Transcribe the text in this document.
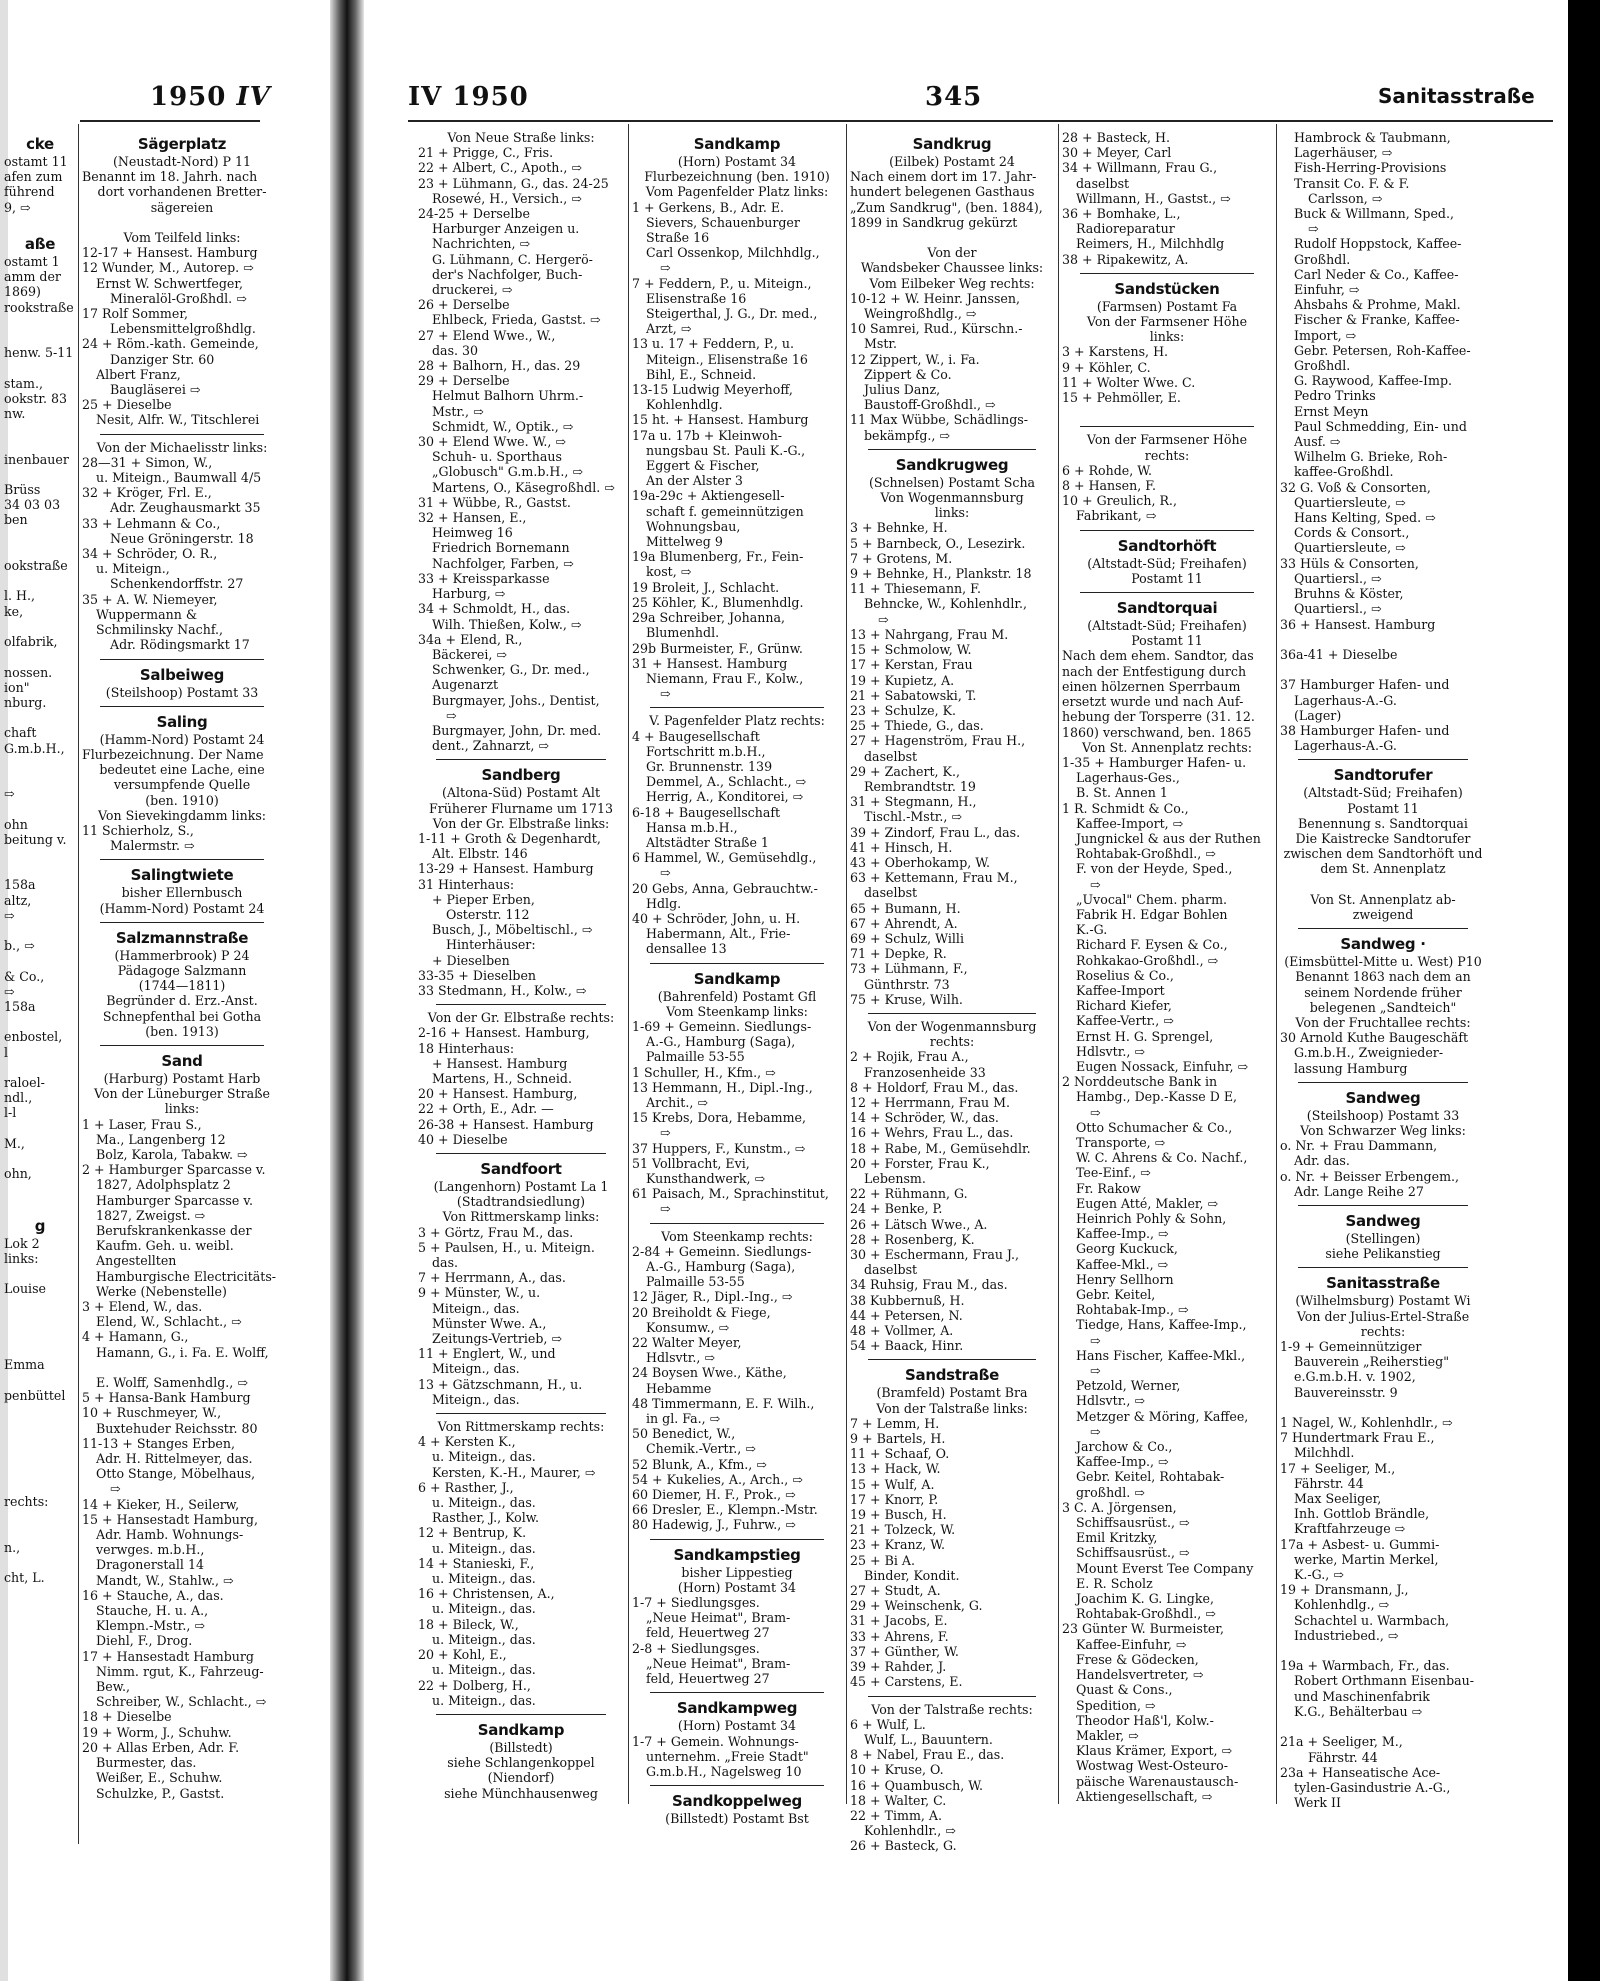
1950 IV	IV 1950	345	Sanitasstraße
cke
ostamt 11
afen zum
führend
9, ⇨

aße
ostamt 1
amm der
1869)
rookstraße

henw. 5-11

stam.,
ookstr. 83
nw.

inenbauer

Brüss
34 03 03
ben

ookstraße

l. H.,
ke,

olfabrik,

nossen.
ion"
nburg.

chaft
G.m.b.H.,

⇨

ohn
beitung v.

158a
altz,
⇨

b., ⇨

& Co.,
⇨
158a

enbostel,
l

raloel-
ndl.,
l-l

M.,

ohn,

g
Lok 2
links:

Louise

Emma

penbüttel

rechts:

n.,

cht, L.
Sägerplatz
(Neustadt-Nord) P 11
Benannt im 18. Jahrh. nach
dort vorhandenen Bretter-
sägereien

Vom Teilfeld links:
12-17 + Hansest. Hamburg
12 Wunder, M., Autorep. ⇨
Ernst W. Schwertfeger,
Mineralöl-Großhdl. ⇨
17 Rolf Sommer,
Lebensmittelgroßhdlg.
24 + Röm.-kath. Gemeinde,
Danziger Str. 60
Albert Franz,
Baugläserei ⇨
25 + Dieselbe
Nesit, Alfr. W., Titschlerei
Von der Michaelisstr links:
28—31 + Simon, W.,
u. Miteign., Baumwall 4/5
32 + Kröger, Frl. E.,
Adr. Zeughausmarkt 35
33 + Lehmann & Co.,
Neue Gröningerstr. 18
34 + Schröder, O. R.,
u. Miteign.,
Schenkendorffstr. 27
35 + A. W. Niemeyer,
Wuppermann &
Schmilinsky Nachf.,
Adr. Rödingsmarkt 17
Salbeiweg
(Steilshoop) Postamt 33
Saling
(Hamm-Nord) Postamt 24
Flurbezeichnung. Der Name
bedeutet eine Lache, eine
versumpfende Quelle
(ben. 1910)
Von Sievekingdamm links:
11 Schierholz, S.,
Malermstr. ⇨
Salingtwiete
bisher Ellernbusch
(Hamm-Nord) Postamt 24
Salzmannstraße
(Hammerbrook) P 24
Pädagoge Salzmann
(1744—1811)
Begründer d. Erz.-Anst.
Schnepfenthal bei Gotha
(ben. 1913)
Sand
(Harburg) Postamt Harb
Von der Lüneburger Straße
links:
1 + Laser, Frau S.,
Ma., Langenberg 12
Bolz, Karola, Tabakw. ⇨
2 + Hamburger Sparcasse v.
1827, Adolphsplatz 2
Hamburger Sparcasse v.
1827, Zweigst. ⇨
Berufskrankenkasse der
Kaufm. Geh. u. weibl.
Angestellten
Hamburgische Electricitäts-
Werke (Nebenstelle)
3 + Elend, W., das.
Elend, W., Schlacht., ⇨
4 + Hamann, G.,
Hamann, G., i. Fa. E. Wolff,

E. Wolff, Samenhdlg., ⇨
5 + Hansa-Bank Hamburg
10 + Ruschmeyer, W.,
Buxtehuder Reichsstr. 80
11-13 + Stanges Erben,
Adr. H. Rittelmeyer, das.
Otto Stange, Möbelhaus,
⇨
14 + Kieker, H., Seilerw,
15 + Hansestadt Hamburg,
Adr. Hamb. Wohnungs-
verwges. m.b.H.,
Dragonerstall 14
Mandt, W., Stahlw., ⇨
16 + Stauche, A., das.
Stauche, H. u. A.,
Klempn.-Mstr., ⇨
Diehl, F., Drog.
17 + Hansestadt Hamburg
Nimm. rgut, K., Fahrzeug-
Bew.,
Schreiber, W., Schlacht., ⇨
18 + Dieselbe
19 + Worm, J., Schuhw.
20 + Allas Erben, Adr. F.
Burmester, das.
Weißer, E., Schuhw.
Schulzke, P., Gastst.
Von Neue Straße links:
21 + Prigge, C., Fris.
22 + Albert, C., Apoth., ⇨
23 + Lühmann, G., das. 24-25
Rosewé, H., Versich., ⇨
24-25 + Derselbe
Harburger Anzeigen u.
Nachrichten, ⇨
G. Lühmann, C. Hergerö-
der's Nachfolger, Buch-
druckerei, ⇨
26 + Derselbe
Ehlbeck, Frieda, Gastst. ⇨
27 + Elend Wwe., W.,
das. 30
28 + Balhorn, H., das. 29
29 + Derselbe
Helmut Balhorn Uhrm.-
Mstr., ⇨
Schmidt, W., Optik., ⇨
30 + Elend Wwe. W., ⇨
Schuh- u. Sporthaus
„Globusch" G.m.b.H., ⇨
Martens, O., Käsegroßhdl. ⇨
31 + Wübbe, R., Gastst.
32 + Hansen, E.,
Heimweg 16
Friedrich Bornemann
Nachfolger, Farben, ⇨
33 + Kreissparkasse
Harburg, ⇨
34 + Schmoldt, H., das.
Wilh. Thießen, Kolw., ⇨
34a + Elend, R.,
Bäckerei, ⇨
Schwenker, G., Dr. med.,
Augenarzt
Burgmayer, Johs., Dentist,
⇨
Burgmayer, John, Dr. med.
dent., Zahnarzt, ⇨
Sandberg
(Altona-Süd) Postamt Alt
Früherer Flurname um 1713
Von der Gr. Elbstraße links:
1-11 + Groth & Degenhardt,
Alt. Elbstr. 146
13-29 + Hansest. Hamburg
31 Hinterhaus:
+ Pieper Erben,
Osterstr. 112
Busch, J., Möbeltischl., ⇨
Hinterhäuser:
+ Dieselben
33-35 + Dieselben
33 Stedmann, H., Kolw., ⇨
Von der Gr. Elbstraße rechts:
2-16 + Hansest. Hamburg,
18 Hinterhaus:
+ Hansest. Hamburg
Martens, H., Schneid.
20 + Hansest. Hamburg,
22 + Orth, E., Adr. —
26-38 + Hansest. Hamburg
40 + Dieselbe
Sandfoort
(Langenhorn) Postamt La 1
(Stadtrandsiedlung)
Von Rittmerskamp links:
3 + Görtz, Frau M., das.
5 + Paulsen, H., u. Miteign.
das.
7 + Herrmann, A., das.
9 + Münster, W., u.
Miteign., das.
Münster Wwe. A.,
Zeitungs-Vertrieb, ⇨
11 + Englert, W., und
Miteign., das.
13 + Gätzschmann, H., u.
Miteign., das.
Von Rittmerskamp rechts:
4 + Kersten K.,
u. Miteign., das.
Kersten, K.-H., Maurer, ⇨
6 + Rasther, J.,
u. Miteign., das.
Rasther, J., Kolw.
12 + Bentrup, K.
u. Miteign., das.
14 + Stanieski, F.,
u. Miteign., das.
16 + Christensen, A.,
u. Miteign., das.
18 + Bileck, W.,
u. Miteign., das.
20 + Kohl, E.,
u. Miteign., das.
22 + Dolberg, H.,
u. Miteign., das.
Sandkamp
(Billstedt)
siehe Schlangenkoppel
(Niendorf)
siehe Münchhausenweg
Sandkamp
(Horn) Postamt 34
Flurbezeichnung (ben. 1910)
Vom Pagenfelder Platz links:
1 + Gerkens, B., Adr. E.
Sievers, Schauenburger
Straße 16
Carl Ossenkop, Milchhdlg.,
⇨
7 + Feddern, P., u. Miteign.,
Elisenstraße 16
Steigerthal, J. G., Dr. med.,
Arzt, ⇨
13 u. 17 + Feddern, P., u.
Miteign., Elisenstraße 16
Bihl, E., Schneid.
13-15 Ludwig Meyerhoff,
Kohlenhdlg.
15 ht. + Hansest. Hamburg
17a u. 17b + Kleinwoh-
nungsbau St. Pauli K.-G.,
Eggert & Fischer,
An der Alster 3
19a-29c + Aktiengesell-
schaft f. gemeinnützigen
Wohnungsbau,
Mittelweg 9
19a Blumenberg, Fr., Fein-
kost, ⇨
19 Broleit, J., Schlacht.
25 Köhler, K., Blumenhdlg.
29a Schreiber, Johanna,
Blumenhdl.
29b Burmeister, F., Grünw.
31 + Hansest. Hamburg
Niemann, Frau F., Kolw.,
⇨
V. Pagenfelder Platz rechts:
4 + Baugesellschaft
Fortschritt m.b.H.,
Gr. Brunnenstr. 139
Demmel, A., Schlacht., ⇨
Herrig, A., Konditorei, ⇨
6-18 + Baugesellschaft
Hansa m.b.H.,
Altstädter Straße 1
6 Hammel, W., Gemüsehdlg.,
⇨
20 Gebs, Anna, Gebrauchtw.-
Hdlg.
40 + Schröder, John, u. H.
Habermann, Alt., Frie-
densallee 13
Sandkamp
(Bahrenfeld) Postamt Gfl
Vom Steenkamp links:
1-69 + Gemeinn. Siedlungs-
A.-G., Hamburg (Saga),
Palmaille 53-55
1 Schuller, H., Kfm., ⇨
13 Hemmann, H., Dipl.-Ing.,
Archit., ⇨
15 Krebs, Dora, Hebamme,
⇨
37 Huppers, F., Kunstm., ⇨
51 Vollbracht, Evi,
Kunsthandwerk, ⇨
61 Paisach, M., Sprachinstitut,
⇨
Vom Steenkamp rechts:
2-84 + Gemeinn. Siedlungs-
A.-G., Hamburg (Saga),
Palmaille 53-55
12 Jäger, R., Dipl.-Ing., ⇨
20 Breiholdt & Fiege,
Konsumw., ⇨
22 Walter Meyer,
Hdlsvtr., ⇨
24 Boysen Wwe., Käthe,
Hebamme
48 Timmermann, E. F. Wilh.,
in gl. Fa., ⇨
50 Benedict, W.,
Chemik.-Vertr., ⇨
52 Blunk, A., Kfm., ⇨
54 + Kukelies, A., Arch., ⇨
60 Diemer, H. F., Prok., ⇨
66 Dresler, E., Klempn.-Mstr.
80 Hadewig, J., Fuhrw., ⇨
Sandkampstieg
bisher Lippestieg
(Horn) Postamt 34
1-7 + Siedlungsges.
„Neue Heimat", Bram-
feld, Heuertweg 27
2-8 + Siedlungsges.
„Neue Heimat", Bram-
feld, Heuertweg 27
Sandkampweg
(Horn) Postamt 34
1-7 + Gemein. Wohnungs-
unternehm. „Freie Stadt"
G.m.b.H., Nagelsweg 10
Sandkoppelweg
(Billstedt) Postamt Bst
Sandkrug
(Eilbek) Postamt 24
Nach einem dort im 17. Jahr-
hundert belegenen Gasthaus
„Zum Sandkrug", (ben. 1884),
1899 in Sandkrug gekürzt

Von der
Wandsbeker Chaussee links:
Vom Eilbeker Weg rechts:
10-12 + W. Heinr. Janssen,
Weingroßhdlg., ⇨
10 Samrei, Rud., Kürschn.-
Mstr.
12 Zippert, W., i. Fa.
Zippert & Co.
Julius Danz,
Baustoff-Großhdl., ⇨
11 Max Wübbe, Schädlings-
bekämpfg., ⇨
Sandkrugweg
(Schnelsen) Postamt Scha
Von Wogenmannsburg
links:
3 + Behnke, H.
5 + Barnbeck, O., Lesezirk.
7 + Grotens, M.
9 + Behnke, H., Plankstr. 18
11 + Thiesemann, F.
Behncke, W., Kohlenhdlr.,
⇨
13 + Nahrgang, Frau M.
15 + Schmolow, W.
17 + Kerstan, Frau
19 + Kupietz, A.
21 + Sabatowski, T.
23 + Schulze, K.
25 + Thiede, G., das.
27 + Hagenström, Frau H.,
daselbst
29 + Zachert, K.,
Rembrandtstr. 19
31 + Stegmann, H.,
Tischl.-Mstr., ⇨
39 + Zindorf, Frau L., das.
41 + Hinsch, H.
43 + Oberhokamp, W.
63 + Kettemann, Frau M.,
daselbst
65 + Bumann, H.
67 + Ahrendt, A.
69 + Schulz, Willi
71 + Depke, R.
73 + Lühmann, F.,
Günthrstr. 73
75 + Kruse, Wilh.
Von der Wogenmannsburg
rechts:
2 + Rojik, Frau A.,
Franzosenheide 33
8 + Holdorf, Frau M., das.
12 + Herrmann, Frau M.
14 + Schröder, W., das.
16 + Wehrs, Frau L., das.
18 + Rabe, M., Gemüsehdlr.
20 + Forster, Frau K.,
Lebensm.
22 + Rühmann, G.
24 + Benke, P.
26 + Lätsch Wwe., A.
28 + Rosenberg, K.
30 + Eschermann, Frau J.,
daselbst
34 Ruhsig, Frau M., das.
38 Kubbernuß, H.
44 + Petersen, N.
48 + Vollmer, A.
54 + Baack, Hinr.
Sandstraße
(Bramfeld) Postamt Bra
Von der Talstraße links:
7 + Lemm, H.
9 + Bartels, H.
11 + Schaaf, O.
13 + Hack, W.
15 + Wulf, A.
17 + Knorr, P.
19 + Busch, H.
21 + Tolzeck, W.
23 + Kranz, W.
25 + Bi A.
Binder, Kondit.
27 + Studt, A.
29 + Weinschenk, G.
31 + Jacobs, E.
33 + Ahrens, F.
37 + Günther, W.
39 + Rahder, J.
45 + Carstens, E.
Von der Talstraße rechts:
6 + Wulf, L.
Wulf, L., Bauuntern.
8 + Nabel, Frau E., das.
10 + Kruse, O.
16 + Quambusch, W.
18 + Walter, C.
22 + Timm, A.
Kohlenhdlr., ⇨
26 + Basteck, G.
28 + Basteck, H.
30 + Meyer, Carl
34 + Willmann, Frau G.,
daselbst
Willmann, H., Gastst., ⇨
36 + Bomhake, L.,
Radioreparatur
Reimers, H., Milchhdlg
38 + Ripakewitz, A.
Sandstücken
(Farmsen) Postamt Fa
Von der Farmsener Höhe
links:
3 + Karstens, H.
9 + Köhler, C.
11 + Wolter Wwe. C.
15 + Pehmöller, E.

Von der Farmsener Höhe
rechts:
6 + Rohde, W.
8 + Hansen, F.
10 + Greulich, R.,
Fabrikant, ⇨
Sandtorhöft
(Altstadt-Süd; Freihafen)
Postamt 11
Sandtorquai
(Altstadt-Süd; Freihafen)
Postamt 11
Nach dem ehem. Sandtor, das
nach der Entfestigung durch
einen hölzernen Sperrbaum
ersetzt wurde und nach Auf-
hebung der Torsperre (31. 12.
1860) verschwand, ben. 1865
Von St. Annenplatz rechts:
1-35 + Hamburger Hafen- u.
Lagerhaus-Ges.,
B. St. Annen 1
1 R. Schmidt & Co.,
Kaffee-Import, ⇨
Jungnickel & aus der Ruthen
Rohtabak-Großhdl., ⇨
F. von der Heyde, Sped.,
⇨
„Uvocal" Chem. pharm.
Fabrik H. Edgar Bohlen
K.-G.
Richard F. Eysen & Co.,
Rohkakao-Großhdl., ⇨
Roselius & Co.,
Kaffee-Import
Richard Kiefer,
Kaffee-Vertr., ⇨
Ernst H. G. Sprengel,
Hdlsvtr., ⇨
Eugen Nossack, Einfuhr, ⇨
2 Norddeutsche Bank in
Hambg., Dep.-Kasse D E,
⇨
Otto Schumacher & Co.,
Transporte, ⇨
W. C. Ahrens & Co. Nachf.,
Tee-Einf., ⇨
Fr. Rakow
Eugen Atté, Makler, ⇨
Heinrich Pohly & Sohn,
Kaffee-Imp., ⇨
Georg Kuckuck,
Kaffee-Mkl., ⇨
Henry Sellhorn
Gebr. Keitel,
Rohtabak-Imp., ⇨
Tiedge, Hans, Kaffee-Imp.,
⇨
Hans Fischer, Kaffee-Mkl.,
⇨
Petzold, Werner,
Hdlsvtr., ⇨
Metzger & Möring, Kaffee,
⇨
Jarchow & Co.,
Kaffee-Imp., ⇨
Gebr. Keitel, Rohtabak-
großhdl. ⇨
3 C. A. Jörgensen,
Schiffsausrüst., ⇨
Emil Kritzky,
Schiffsausrüst., ⇨
Mount Everst Tee Company
E. R. Scholz
Joachim K. G. Lingke,
Rohtabak-Großhdl., ⇨
23 Günter W. Burmeister,
Kaffee-Einfuhr, ⇨
Frese & Gödecken,
Handelsvertreter, ⇨
Quast & Cons.,
Spedition, ⇨
Theodor Haß'l, Kolw.-
Makler, ⇨
Klaus Krämer, Export, ⇨
Wostwag West-Osteuro-
päische Warenaustausch-
Aktiengesellschaft, ⇨
Hambrock & Taubmann,
Lagerhäuser, ⇨
Fish-Herring-Provisions
Transit Co. F. & F.
Carlsson, ⇨
Buck & Willmann, Sped.,
⇨
Rudolf Hoppstock, Kaffee-
Großhdl.
Carl Neder & Co., Kaffee-
Einfuhr, ⇨
Ahsbahs & Prohme, Makl.
Fischer & Franke, Kaffee-
Import, ⇨
Gebr. Petersen, Roh-Kaffee-
Großhdl.
G. Raywood, Kaffee-Imp.
Pedro Trinks
Ernst Meyn
Paul Schmedding, Ein- und
Ausf. ⇨
Wilhelm G. Brieke, Roh-
kaffee-Großhdl.
32 G. Voß & Consorten,
Quartiersleute, ⇨
Hans Kelting, Sped. ⇨
Cords & Consort.,
Quartiersleute, ⇨
33 Hüls & Consorten,
Quartiersl., ⇨
Bruhns & Köster,
Quartiersl., ⇨
36 + Hansest. Hamburg

36a-41 + Dieselbe

37 Hamburger Hafen- und
Lagerhaus-A.-G.
(Lager)
38 Hamburger Hafen- und
Lagerhaus-A.-G.
Sandtorufer
(Altstadt-Süd; Freihafen)
Postamt 11
Benennung s. Sandtorquai
Die Kaistrecke Sandtorufer
zwischen dem Sandtorhöft und
dem St. Annenplatz

Von St. Annenplatz ab-
zweigend
Sandweg ·
(Eimsbüttel-Mitte u. West) P10
Benannt 1863 nach dem an
seinem Nordende früher
belegenen „Sandteich"
Von der Fruchtallee rechts:
30 Arnold Kuthe Baugeschäft
G.m.b.H., Zweignieder-
lassung Hamburg
Sandweg
(Steilshoop) Postamt 33
Von Schwarzer Weg links:
o. Nr. + Frau Dammann,
Adr. das.
o. Nr. + Beisser Erbengem.,
Adr. Lange Reihe 27
Sandweg
(Stellingen)
siehe Pelikanstieg
Sanitasstraße
(Wilhelmsburg) Postamt Wi
Von der Julius-Ertel-Straße
rechts:
1-9 + Gemeinnütziger
Bauverein „Reiherstieg"
e.G.m.b.H. v. 1902,
Bauvereinsstr. 9

1 Nagel, W., Kohlenhdlr., ⇨
7 Hundertmark Frau E.,
Milchhdl.
17 + Seeliger, M.,
Fährstr. 44
Max Seeliger,
Inh. Gottlob Brändle,
Kraftfahrzeuge ⇨
17a + Asbest- u. Gummi-
werke, Martin Merkel,
K.-G., ⇨
19 + Dransmann, J.,
Kohlenhdlg., ⇨
Schachtel u. Warmbach,
Industriebed., ⇨

19a + Warmbach, Fr., das.
Robert Orthmann Eisenbau-
und Maschinenfabrik
K.G., Behälterbau ⇨

21a + Seeliger, M.,
Fährstr. 44
23a + Hanseatische Ace-
tylen-Gasindustrie A.-G.,
Werk II
